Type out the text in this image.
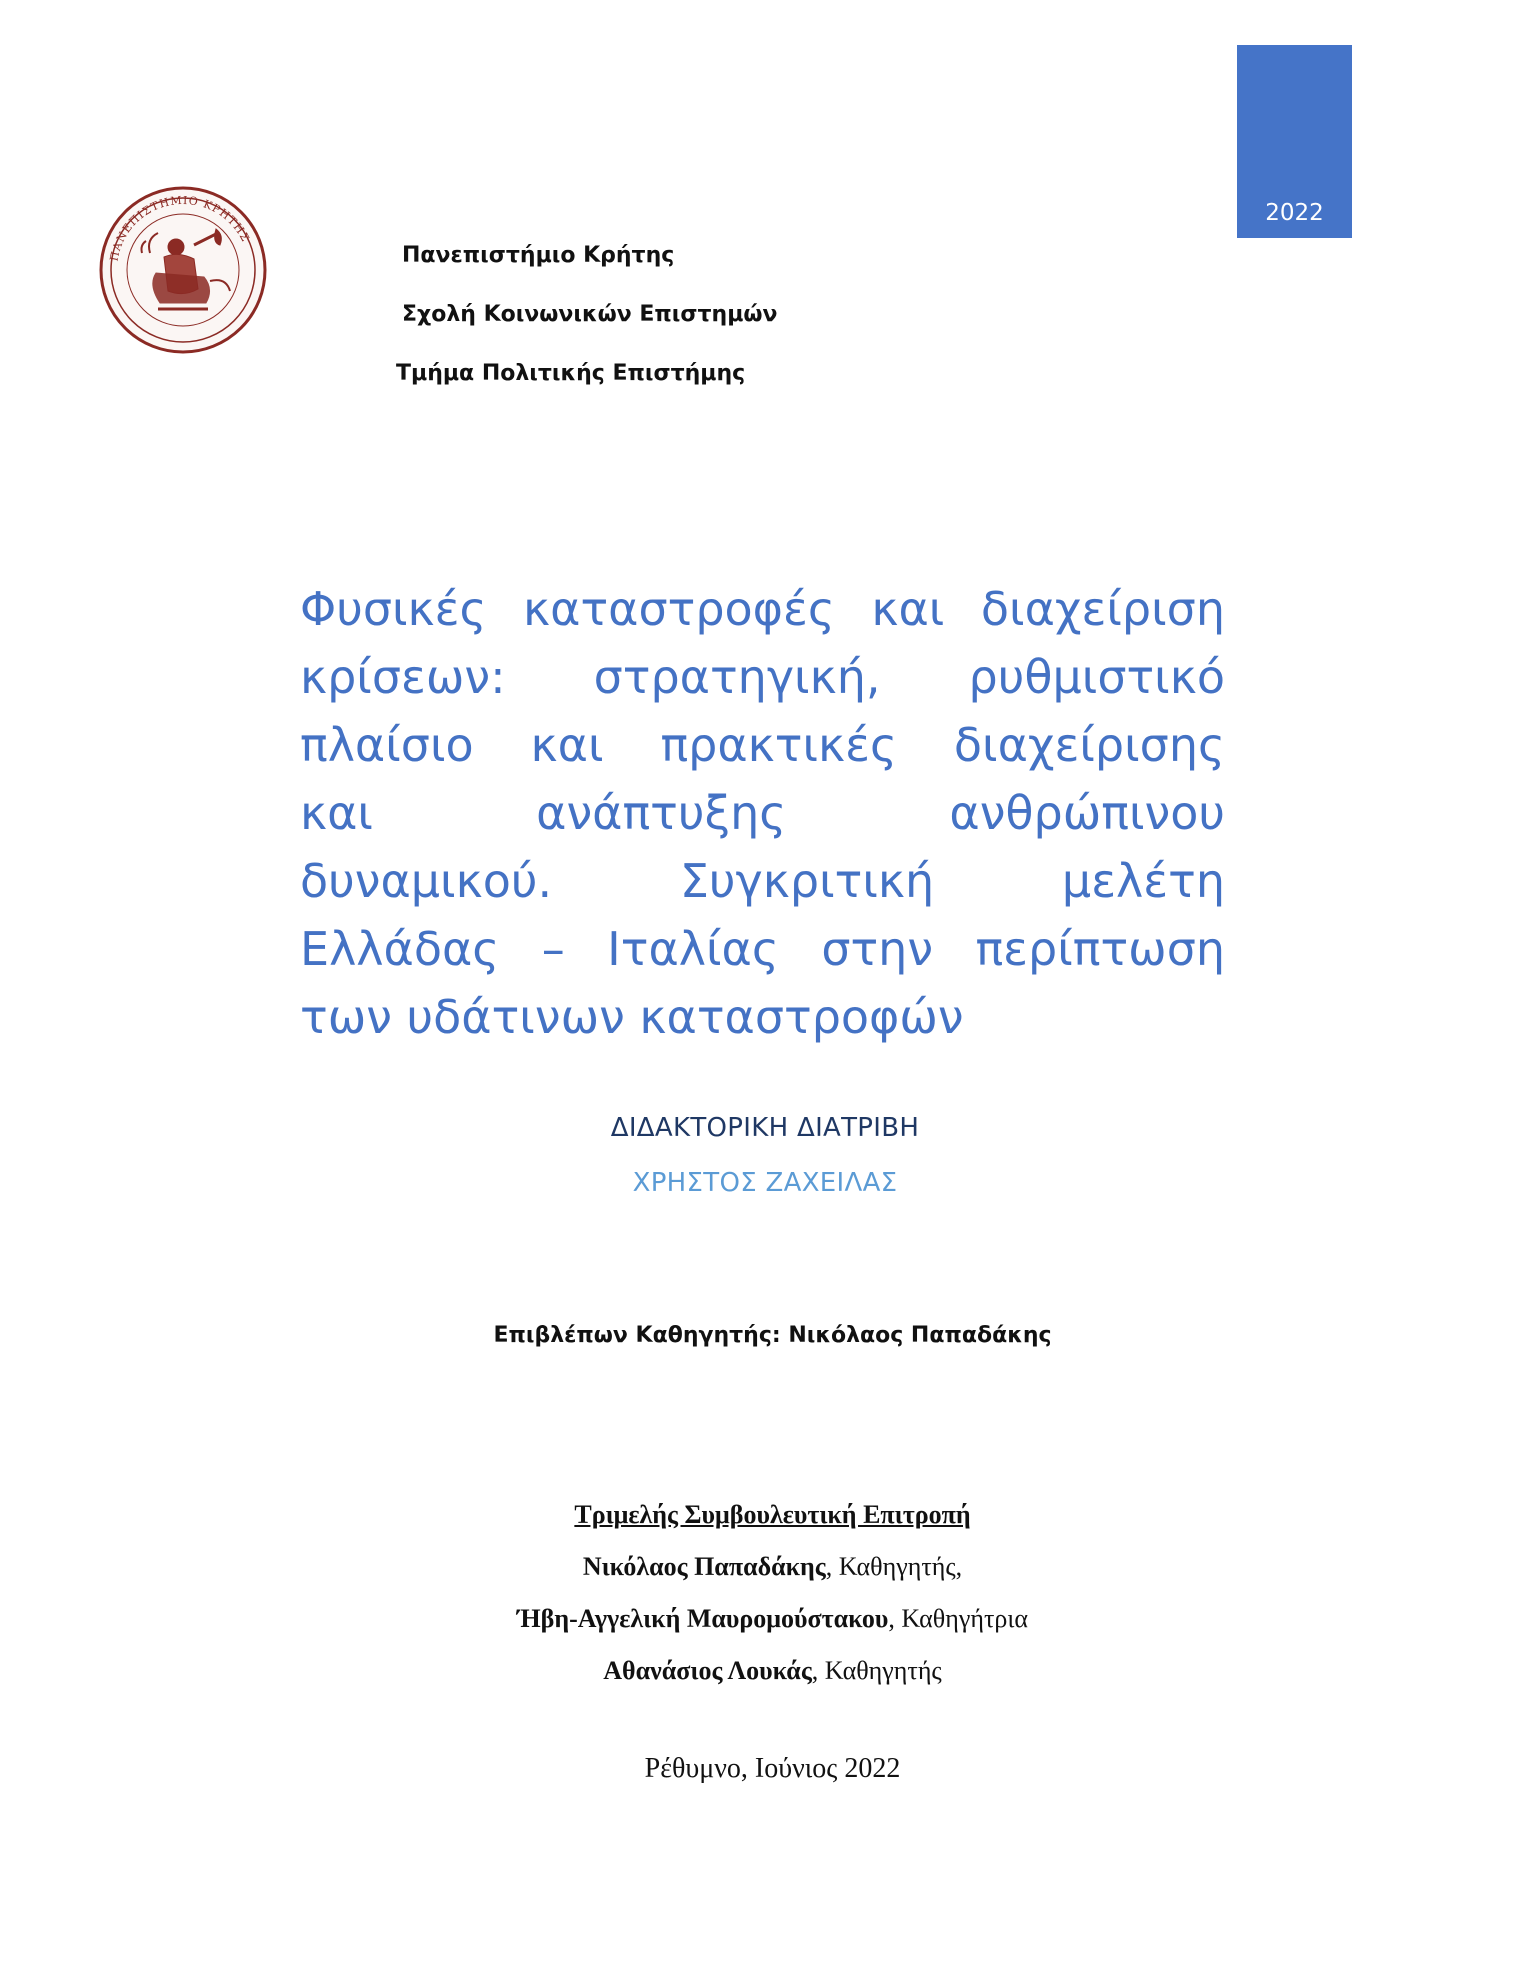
2022
ΠΑΝΕΠΙΣΤΗΜΙΟ ΚΡΗΤΗΣ
Πανεπιστήμιο Κρήτης
Σχολή Κοινωνικών Επιστημών
Τμήμα Πολιτικής Επιστήμης
Φυσικές καταστροφές και διαχείριση
κρίσεων: στρατηγική, ρυθμιστικό
πλαίσιο και πρακτικές διαχείρισης
και ανάπτυξης ανθρώπινου
δυναμικού. Συγκριτική μελέτη
Ελλάδας – Ιταλίας στην περίπτωση
των υδάτινων καταστροφών
ΔΙΔΑΚΤΟΡΙΚΗ ΔΙΑΤΡΙΒΗ
ΧΡΗΣΤΟΣ ΖΑΧΕΙΛΑΣ
Επιβλέπων Καθηγητής: Νικόλαος Παπαδάκης
Τριμελής Συμβουλευτική Επιτροπή
Νικόλαος Παπαδάκης, Καθηγητής,
Ήβη-Αγγελική Μαυρομούστακου, Καθηγήτρια
Αθανάσιος Λουκάς, Καθηγητής
Ρέθυμνο, Ιούνιος 2022
